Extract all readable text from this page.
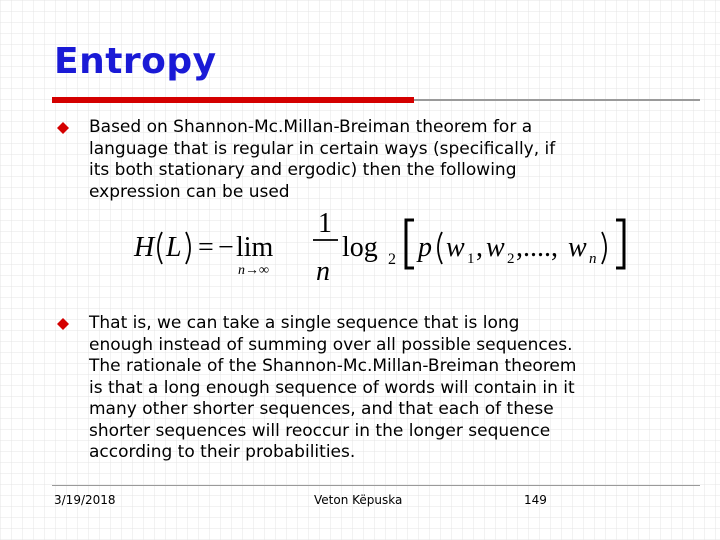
Entropy
Based on Shannon-Mc.Millan-Breiman theorem for a
language that is regular in certain ways (specifically, if
its both stationary and ergodic) then the following
expression can be used
H L = − lim
n→∞
1
n
log 2 p w 1 , w 2 ,...., w n
That is, we can take a single sequence that is long
enough instead of summing over all possible sequences.
The rationale of the Shannon-Mc.Millan-Breiman theorem
is that a long enough sequence of words will contain in it
many other shorter sequences, and that each of these
shorter sequences will reoccur in the longer sequence
according to their probabilities.
3/19/2018	Veton Këpuska	149
